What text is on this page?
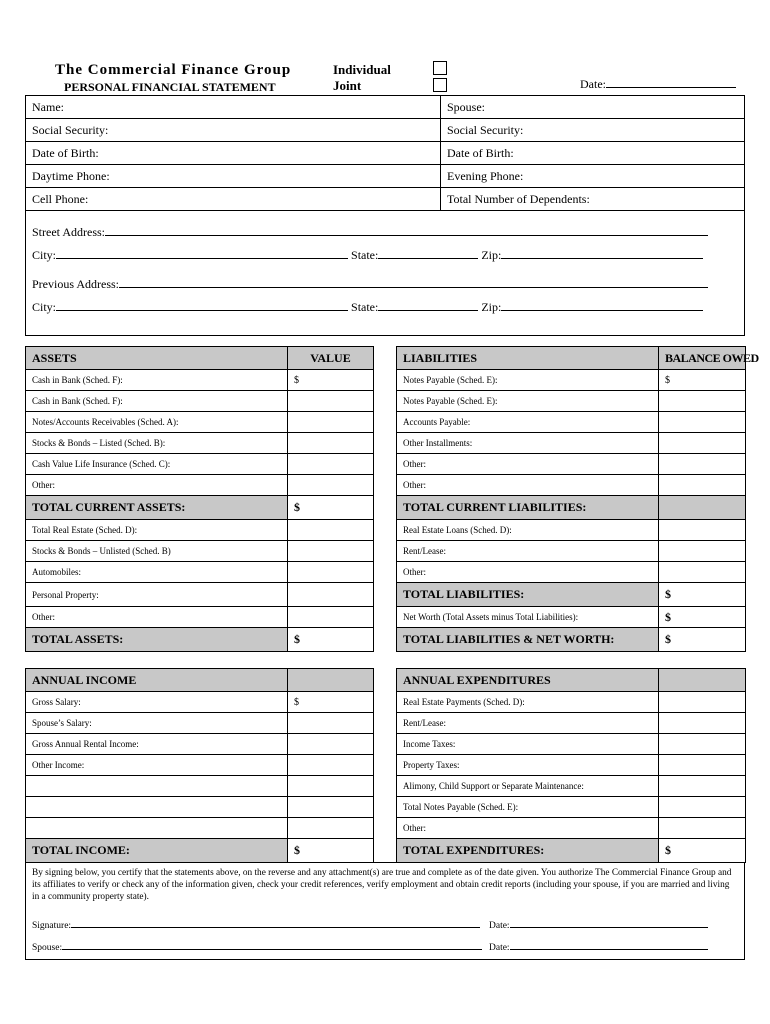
The Commercial Finance Group
PERSONAL FINANCIAL STATEMENT
Individual
Joint	Date:
Name:	Spouse:
Social Security:	Social Security:
Date of Birth:	Date of Birth:
Daytime Phone:	Evening Phone:
Cell Phone:	Total Number of Dependents:
Street Address:
City:	State:	Zip:
Previous Address:
City:	State:	Zip:
ASSETS	VALUE
Cash in Bank (Sched. F):	$
Cash in Bank (Sched. F):	
Notes/Accounts Receivables (Sched. A):	
Stocks & Bonds – Listed (Sched. B):	
Cash Value Life Insurance (Sched. C):	
Other:	
TOTAL CURRENT ASSETS:	$
Total Real Estate (Sched. D):	
Stocks & Bonds – Unlisted (Sched. B)	
Automobiles:	
Personal Property:	
Other:	
TOTAL ASSETS:	$
LIABILITIES	BALANCE OWED
Notes Payable (Sched. E):	$
Notes Payable (Sched. E):	
Accounts Payable:	
Other Installments:	
Other:	
Other:	
TOTAL CURRENT LIABILITIES:	
Real Estate Loans (Sched. D):	
Rent/Lease:	
Other:	
TOTAL LIABILITIES:	$
Net Worth (Total Assets minus Total Liabilities):	$
TOTAL LIABILITIES & NET WORTH:	$
ANNUAL INCOME	
Gross Salary:	$
Spouse’s Salary:	
Gross Annual Rental Income:	
Other Income:	

TOTAL INCOME:	$
ANNUAL EXPENDITURES	
Real Estate Payments (Sched. D):	
Rent/Lease:	
Income Taxes:	
Property Taxes:	
Alimony, Child Support or Separate Maintenance:	
Total Notes Payable (Sched. E):	
Other:	
TOTAL EXPENDITURES:	$
By signing below, you certify that the statements above, on the reverse and any attachment(s) are true and complete as of the date given. You authorize The Commercial Finance Group and its affiliates to verify or check any of the information given, check your credit references, verify employment and obtain credit reports (including your spouse, if you are married and living in a community property state).
Signature:	Date:
Spouse:	Date:
